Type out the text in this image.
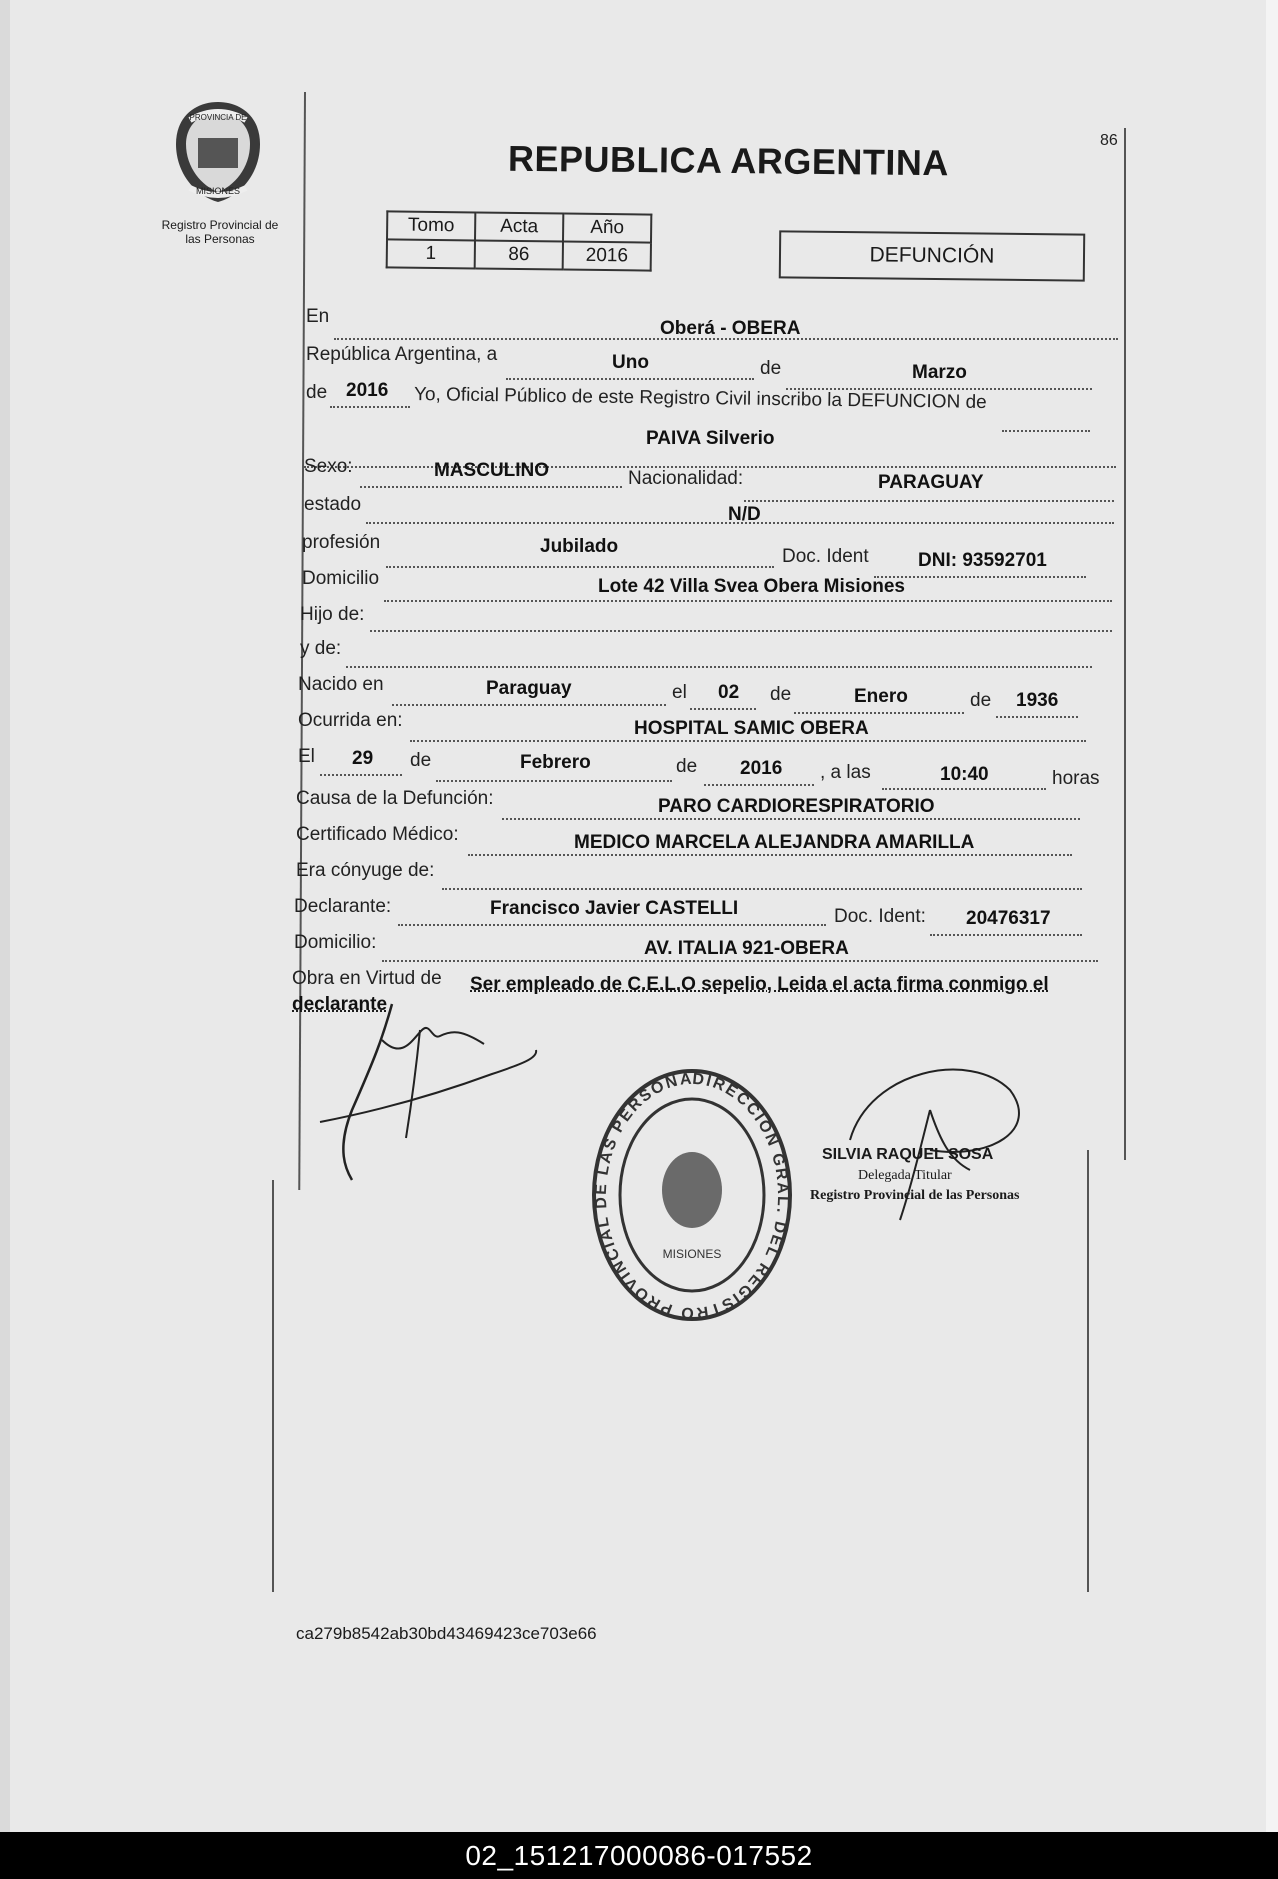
PROVINCIA DE
MISIONES
Registro Provincial de
las Personas
REPUBLICA ARGENTINA	86
Tomo	Acta	Año
1	86	2016	DEFUNCIÓN
En
Oberá - OBERA
República Argentina, a	Uno	de	Marzo
de 2016 Yo, Oficial Público de este Registro Civil inscribo la DEFUNCION de
PAIVA Silverio
Sexo:	MASCULINO	Nacionalidad:	PARAGUAY
estado	N/D
profesión	Jubilado	Doc. Ident	DNI: 93592701
Domicilio	Lote 42 Villa Svea Obera Misiones
Hijo de:
y de:
Nacido en	Paraguay	el 02 de	Enero	de 1936
Ocurrida en:	HOSPITAL SAMIC OBERA
El 29 de	Febrero	de 2016 , a las	10:40	horas
Causa de la Defunción:	PARO CARDIORESPIRATORIO
Certificado Médico:	MEDICO MARCELA ALEJANDRA AMARILLA
Era cónyuge de:
Declarante:	Francisco Javier CASTELLI	Doc. Ident: 20476317
Domicilio:	AV. ITALIA 921-OBERA
Obra en Virtud de Ser empleado de C.E.L.O sepelio, Leida el acta firma conmigo el
declarante
DIRECCION GRAL. DEL REGISTRO PROVINCIAL DE LAS PERSONA
MISIONES
SILVIA RAQUEL SOSA
Delegada Titular
Registro Provincial de las Personas
ca279b8542ab30bd43469423ce703e66
02_151217000086-017552
